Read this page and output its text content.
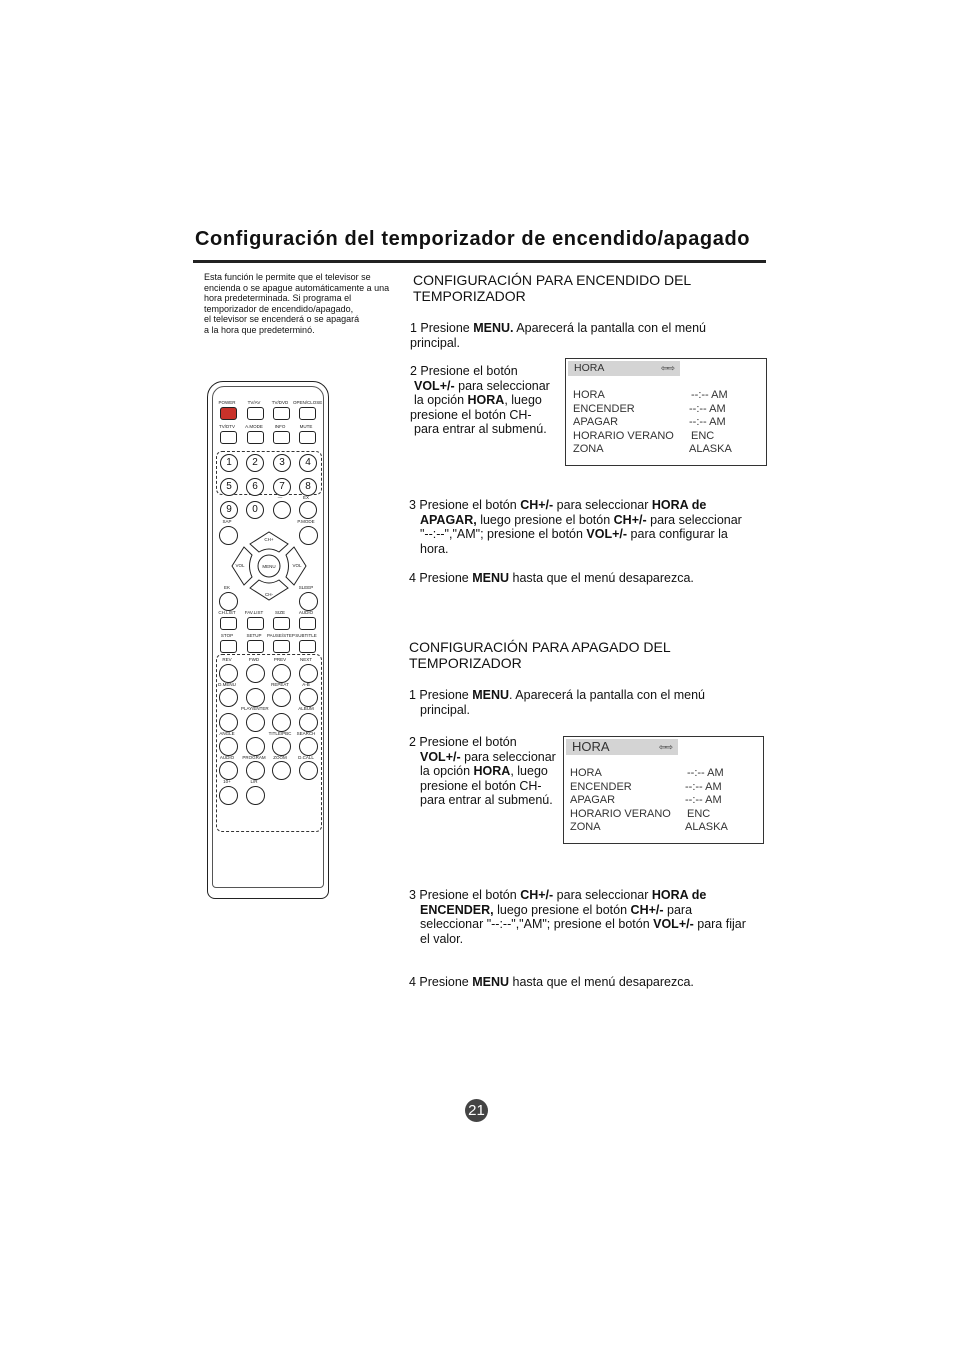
Configuración del temporizador de encendido/apagado
Esta función le permite que el televisor se
encienda o se apague automáticamente a una
hora predeterminada. Si programa el
temporizador de encendido/apagado,
el televisor se encenderá o se apagará
a la hora que predeterminó.
CONFIGURACIÓN PARA ENCENDIDO DEL
TEMPORIZADOR
1 Presione MENU. Aparecerá la pantalla con el menú
principal.
2 Presione el botón
VOL+/- para seleccionar
la opción HORA, luego
presione el botón CH-
para entrar al submenú.
HORA	⇦⇨
HORA	--:-- AM
ENCENDER	--:-- AM
APAGAR	--:-- AM
HORARIO VERANO ENC
ZONA	ALASKA
3 Presione el botón CH+/- para seleccionar HORA de
APAGAR, luego presione el botón CH+/- para seleccionar
"--:--","AM"; presione el botón VOL+/- para configurar la
hora.
4 Presione MENU hasta que el menú desaparezca.
CONFIGURACIÓN PARA APAGADO DEL
TEMPORIZADOR
1 Presione MENU. Aparecerá la pantalla con el menú
principal.
2 Presione el botón
VOL+/- para seleccionar
la opción HORA, luego
presione el botón CH-
para entrar al submenú.
HORA	⇦⇨
HORA	--:-- AM
ENCENDER	--:-- AM
APAGAR	--:-- AM
HORARIO VERANO ENC
ZONA	ALASKA
3 Presione el botón CH+/- para seleccionar HORA de
ENCENDER, luego presione el botón CH+/- para
seleccionar "--:--","AM"; presione el botón VOL+/- para fijar
el valor.
4 Presione MENU hasta que el menú desaparezca.
POWER	TV/AV	TV/DVD	OPEN/CLOSE
TV/DTV	A.MODE	INFO	MUTE
1	2	3	4
5	6	7	8
9	0
—	EX
SAP	P.MODE
CH+
CH-
VOL	VOL
MENU
EK	SLEEP
CH.LIST	FAV.LIST	SIZE	AUDIO
STOP	SETUP	PAUSE/STEP SUBTITLE
REV	FWD	PREV	NEXT
D.MENU	REPEAT	A-B
PLAY/ENTER	ALBUM
ANGLE	TITLE/PBC	SEARCH
AUDIO	PROGRAM	ZOOM	D.CALL
10+	L/R
21
